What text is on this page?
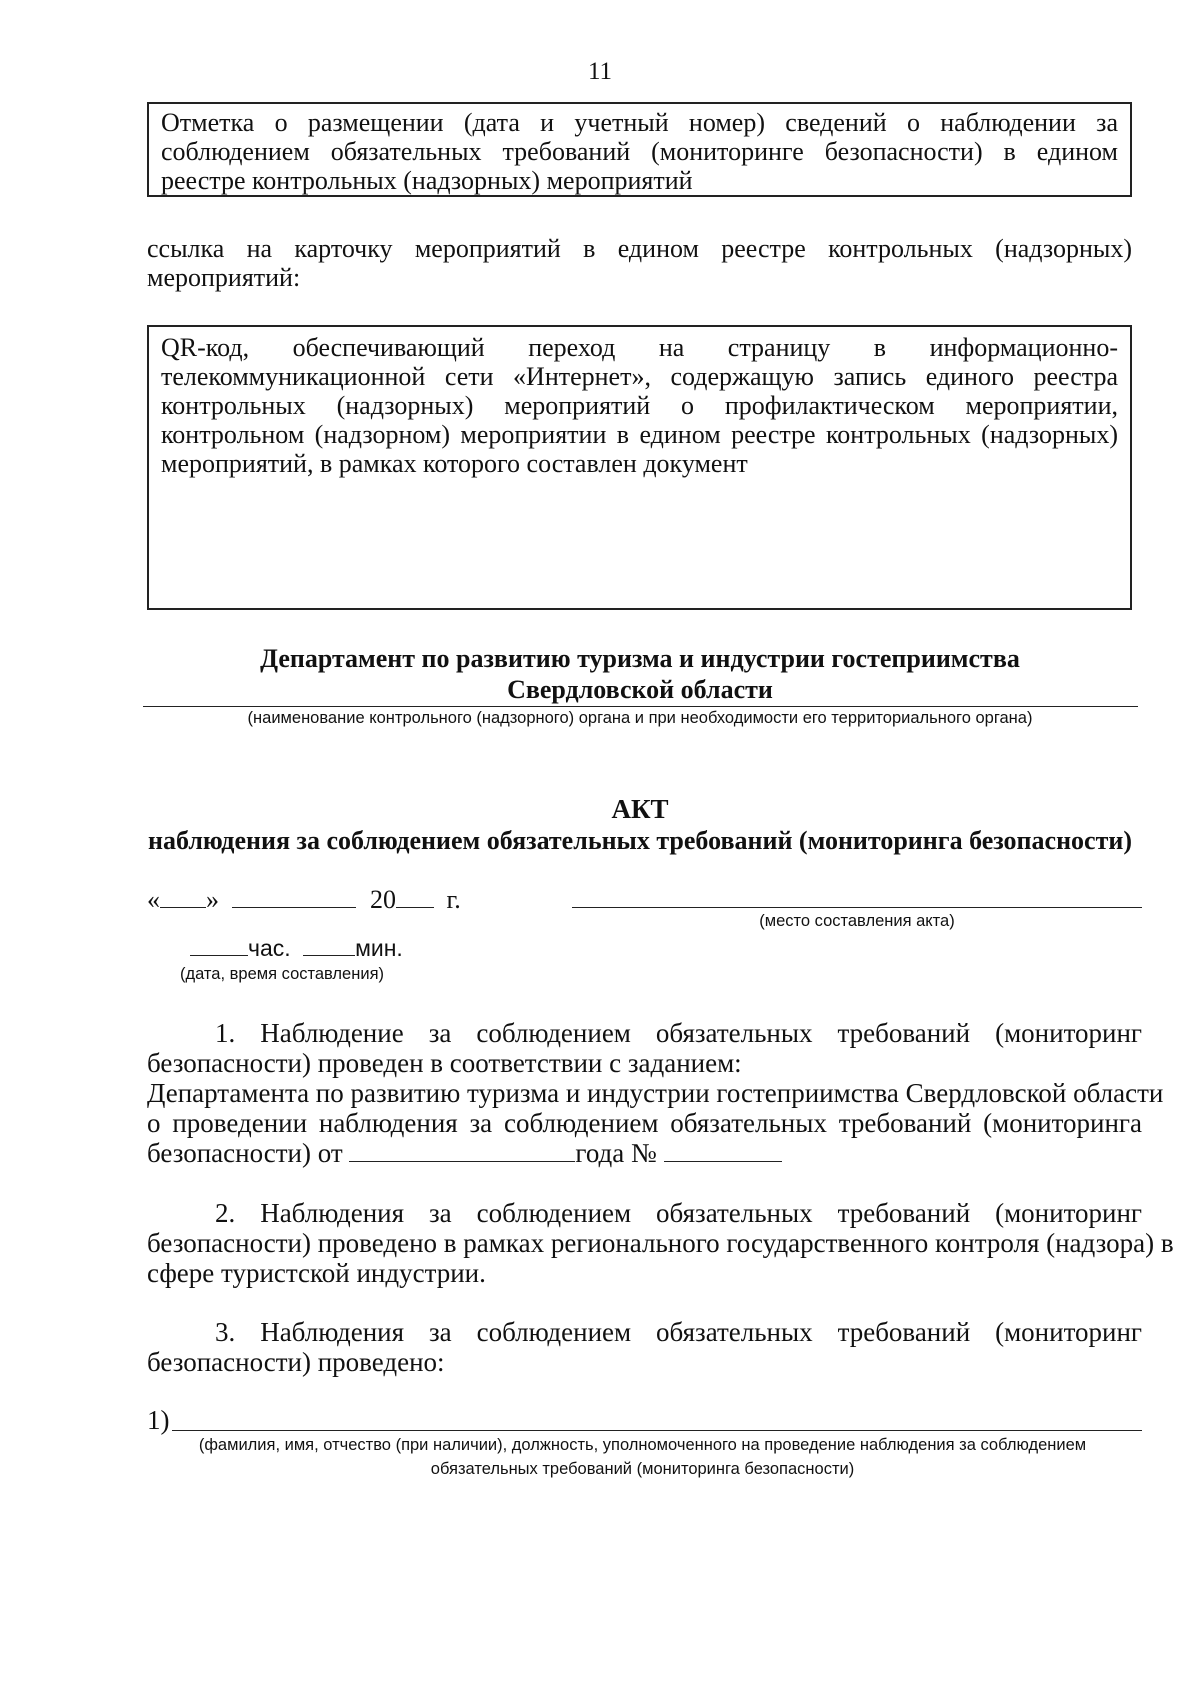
11
Отметка о размещении (дата и учетный номер) сведений о наблюдении за
соблюдением обязательных требований (мониторинге безопасности) в едином
реестре контрольных (надзорных) мероприятий
ссылка на карточку мероприятий в едином реестре контрольных (надзорных)
мероприятий:
QR-код, обеспечивающий переход на страницу в информационно-
телекоммуникационной сети «Интернет», содержащую запись единого реестра
контрольных (надзорных) мероприятий о профилактическом мероприятии,
контрольном (надзорном) мероприятии в едином реестре контрольных (надзорных)
мероприятий, в рамках которого составлен документ
Департамент по развитию туризма и индустрии гостеприимства
Свердловской области
(наименование контрольного (надзорного) органа и при необходимости его территориального органа)
АКТ
наблюдения за соблюдением обязательных требований (мониторинга безопасности)
« »	20 г.
(место составления акта)
час.	мин.
(дата, время составления)
1. Наблюдение за соблюдением обязательных требований (мониторинг
безопасности) проведен в соответствии с заданием:
Департамента по развитию туризма и индустрии гостеприимства Свердловской области
о проведении наблюдения за соблюдением обязательных требований (мониторинга
безопасности) от	года №
2. Наблюдения за соблюдением обязательных требований (мониторинг
безопасности) проведено в рамках регионального государственного контроля (надзора) в
сфере туристской индустрии.
3. Наблюдения за соблюдением обязательных требований (мониторинг
безопасности) проведено:
1)
(фамилия, имя, отчество (при наличии), должность, уполномоченного на проведение наблюдения за соблюдением
обязательных требований (мониторинга безопасности)
